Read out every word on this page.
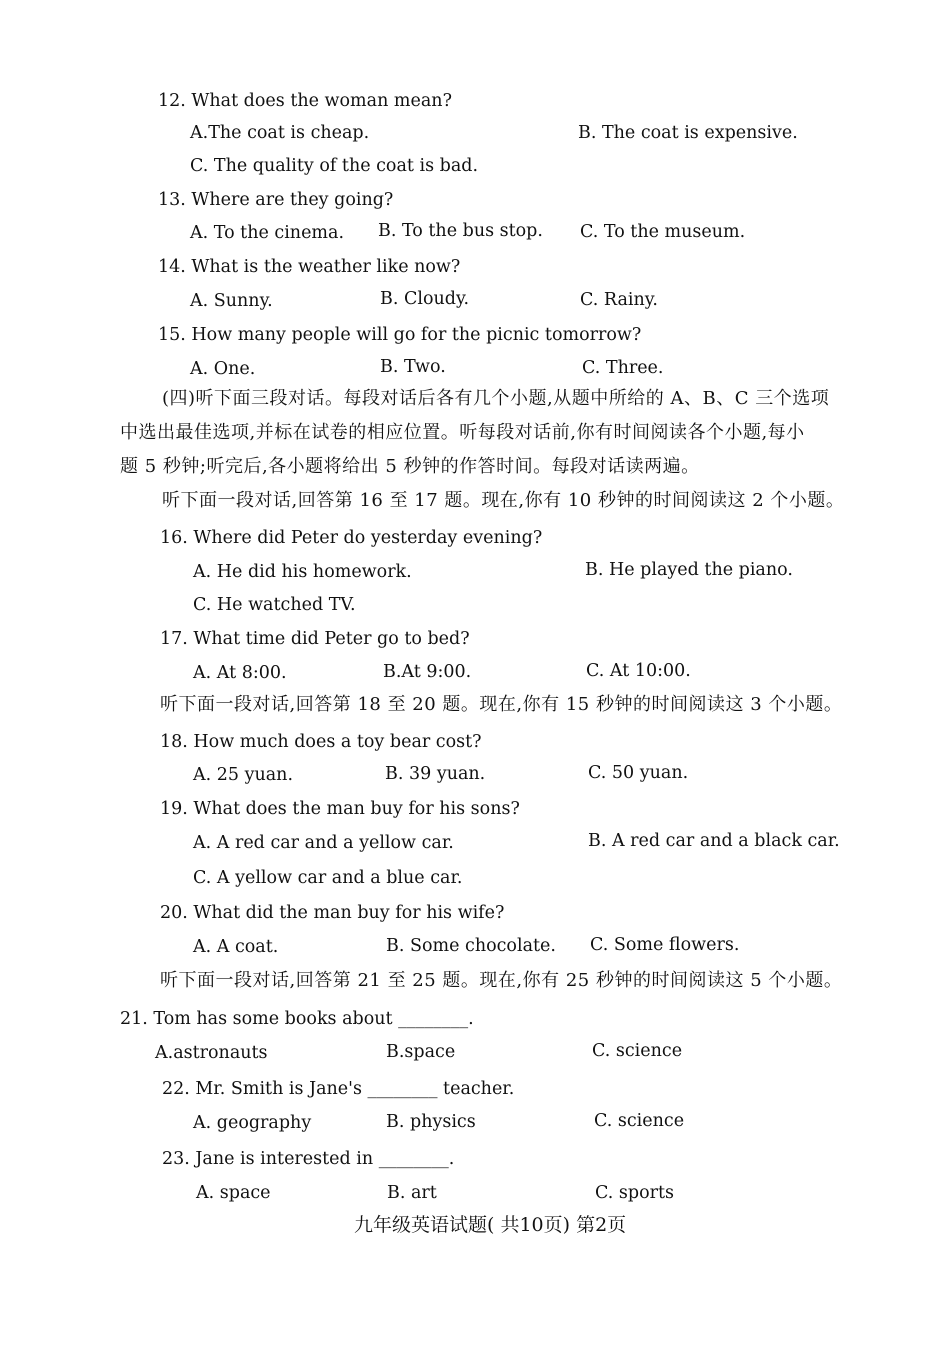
12. What does the woman mean?
A.The coat is cheap.	B. The coat is expensive.
C. The quality of the coat is bad.
13. Where are they going?
A. To the cinema. B. To the bus stop. C. To the museum.
14. What is the weather like now?
A. Sunny.	B. Cloudy.	C. Rainy.
15. How many people will go for the picnic tomorrow?
A. One.	B. Two.	C. Three.
(四)听下面三段对话。每段对话后各有几个小题,从题中所给的 A、B、C 三个选项
中选出最佳选项,并标在试卷的相应位置。听每段对话前,你有时间阅读各个小题,每小
题 5 秒钟;听完后,各小题将给出 5 秒钟的作答时间。每段对话读两遍。
听下面一段对话,回答第 16 至 17 题。现在,你有 10 秒钟的时间阅读这 2 个小题。
16. Where did Peter do yesterday evening?
A. He did his homework.	B. He played the piano.
C. He watched TV.
17. What time did Peter go to bed?
A. At 8:00.	B.At 9:00.	C. At 10:00.
听下面一段对话,回答第 18 至 20 题。现在,你有 15 秒钟的时间阅读这 3 个小题。
18. How much does a toy bear cost?
A. 25 yuan.	B. 39 yuan.	C. 50 yuan.
19. What does the man buy for his sons?
A. A red car and a yellow car.	B. A red car and a black car.
C. A yellow car and a blue car.
20. What did the man buy for his wife?
A. A coat.	B. Some chocolate. C. Some flowers.
听下面一段对话,回答第 21 至 25 题。现在,你有 25 秒钟的时间阅读这 5 个小题。
21. Tom has some books about ________.
A.astronauts	B.space	C. science
22. Mr. Smith is Jane's ________ teacher.
A. geography	B. physics	C. science
23. Jane is interested in ________.
A. space	B. art	C. sports
九年级英语试题( 共10页) 第2页
